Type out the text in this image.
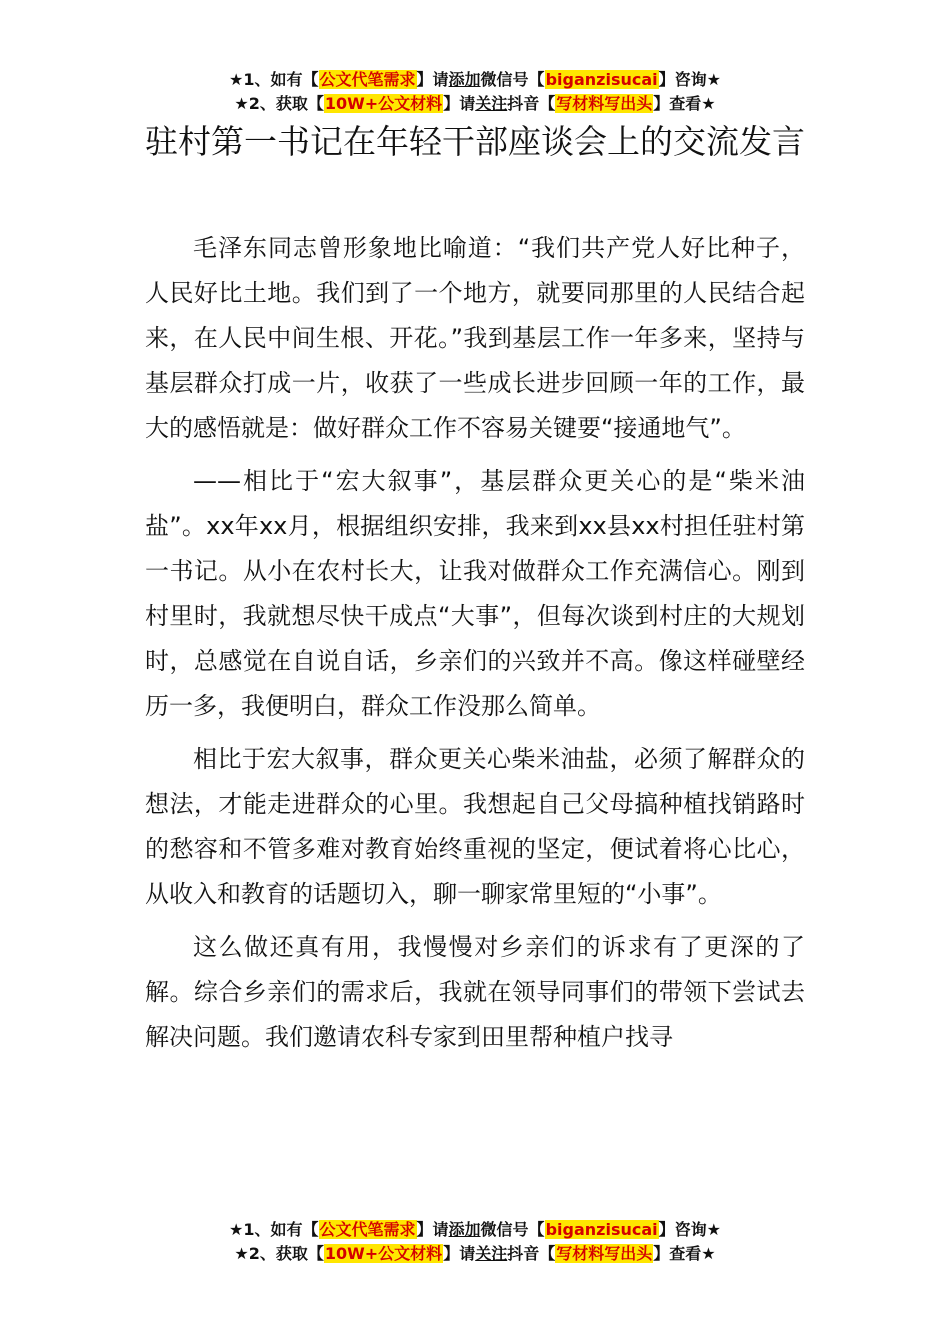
★1、如有【公文代笔需求】请添加微信号【biganzisucai】咨询★
★2、获取【10W+公文材料】请关注抖音【写材料写出头】查看★
驻村第一书记在年轻干部座谈会上的交流发言

毛泽东同志曾形象地比喻道：“我们共产党人好比种子，人民好比土地。我们到了一个地方，就要同那里的人民结合起来，在人民中间生根、开花。”我到基层工作一年多来，坚持与基层群众打成一片，收获了一些成长进步回顾一年的工作，最大的感悟就是：做好群众工作不容易关键要“接通地气”。

——相比于“宏大叙事”，基层群众更关心的是“柴米油盐”。xx年xx月，根据组织安排，我来到xx县xx村担任驻村第一书记。从小在农村长大，让我对做群众工作充满信心。刚到村里时，我就想尽快干成点“大事”，但每次谈到村庄的大规划时，总感觉在自说自话，乡亲们的兴致并不高。像这样碰壁经历一多，我便明白，群众工作没那么简单。

相比于宏大叙事，群众更关心柴米油盐，必须了解群众的想法，才能走进群众的心里。我想起自己父母搞种植找销路时的愁容和不管多难对教育始终重视的坚定，便试着将心比心，从收入和教育的话题切入，聊一聊家常里短的“小事”。

这么做还真有用，我慢慢对乡亲们的诉求有了更深的了解。综合乡亲们的需求后，我就在领导同事们的带领下尝试去解决问题。我们邀请农科专家到田里帮种植户找寻

★1、如有【公文代笔需求】请添加微信号【biganzisucai】咨询★
★2、获取【10W+公文材料】请关注抖音【写材料写出头】查看★
